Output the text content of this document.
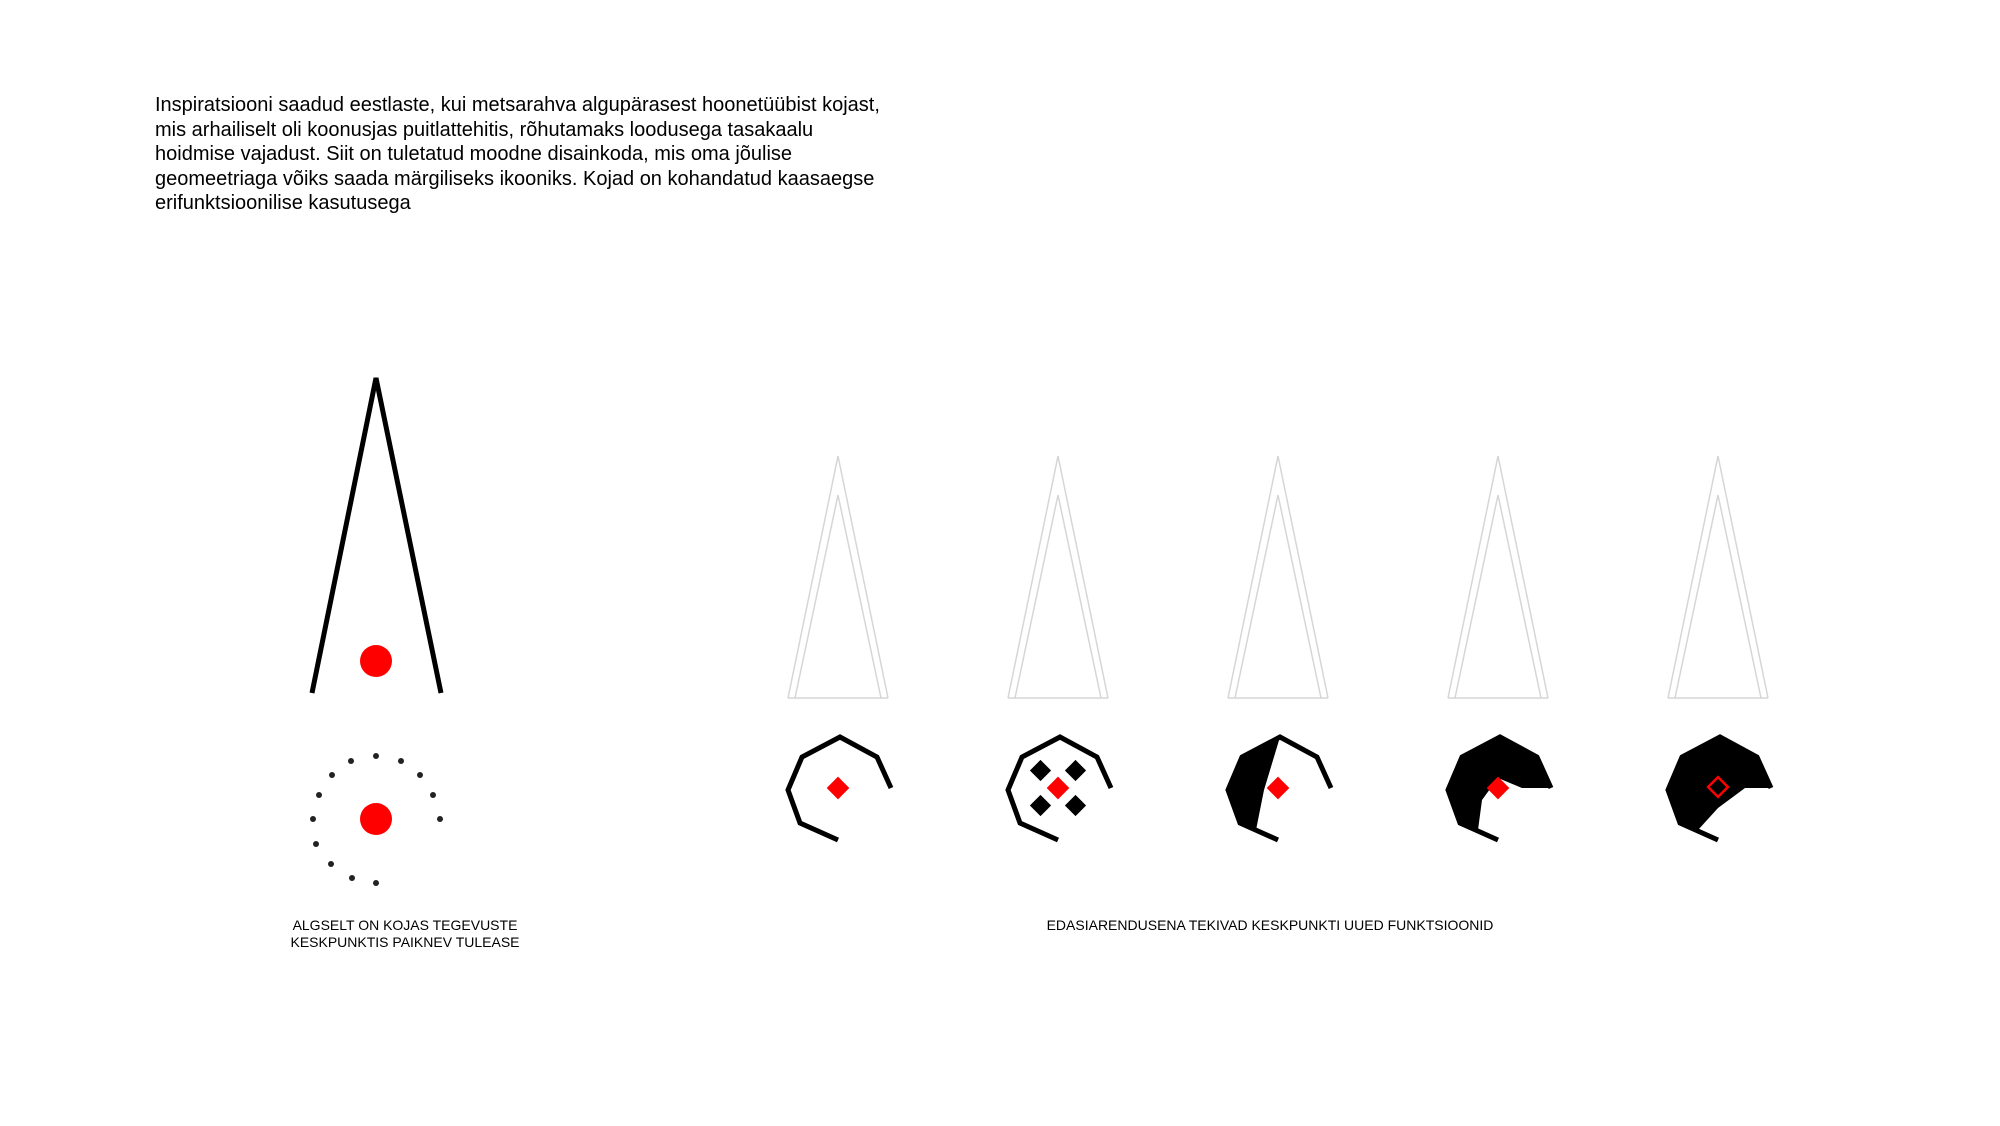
Inspiratsiooni saadud eestlaste, kui metsarahva algupärasest hoonetüübist kojast,
mis arhailiselt oli koonusjas puitlattehitis, rõhutamaks loodusega tasakaalu
hoidmise vajadust. Siit on tuletatud moodne disainkoda, mis oma jõulise
geomeetriaga võiks saada märgiliseks ikooniks. Kojad on kohandatud kaasaegse
erifunktsioonilise kasutusega

ALGSELT ON KOJAS TEGEVUSTE
KESKPUNKTIS PAIKNEV TULEASE

EDASIARENDUSENA TEKIVAD KESKPUNKTI UUED FUNKTSIOONID
